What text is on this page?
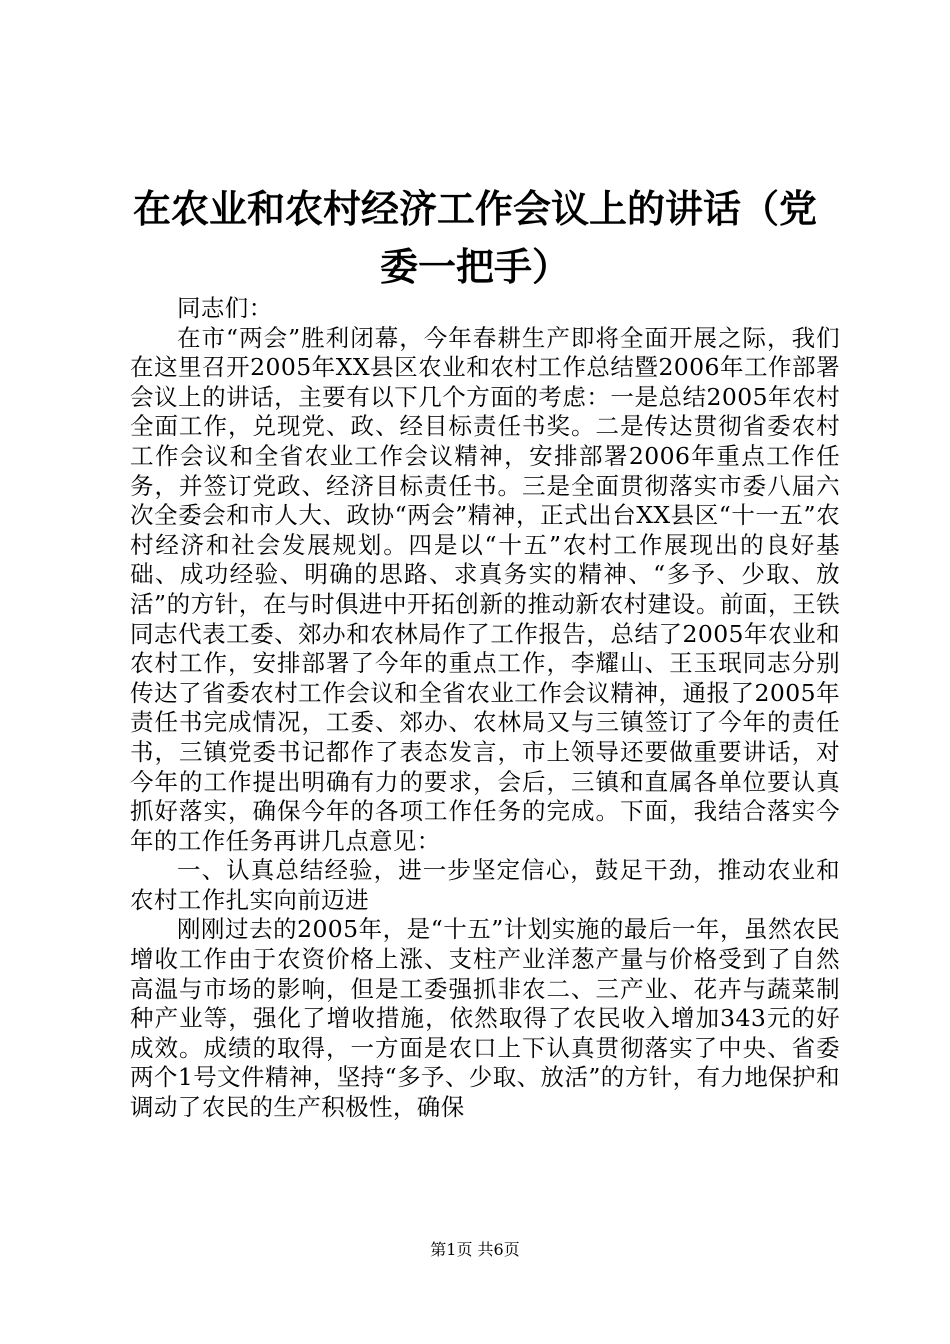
在农业和农村经济工作会议上的讲话（党委一把手）

同志们：

在市“两会”胜利闭幕，今年春耕生产即将全面开展之际，我们在这里召开2005年XX县区农业和农村工作总结暨2006年工作部署会议上的讲话，主要有以下几个方面的考虑：一是总结2005年农村全面工作，兑现党、政、经目标责任书奖。二是传达贯彻省委农村工作会议和全省农业工作会议精神，安排部署2006年重点工作任务，并签订党政、经济目标责任书。三是全面贯彻落实市委八届六次全委会和市人大、政协“两会”精神，正式出台XX县区“十一五”农村经济和社会发展规划。四是以“十五”农村工作展现出的良好基础、成功经验、明确的思路、求真务实的精神、“多予、少取、放活”的方针，在与时俱进中开拓创新的推动新农村建设。前面，王铁同志代表工委、郊办和农林局作了工作报告，总结了2005年农业和农村工作，安排部署了今年的重点工作，李耀山、王玉珉同志分别传达了省委农村工作会议和全省农业工作会议精神，通报了2005年责任书完成情况，工委、郊办、农林局又与三镇签订了今年的责任书，三镇党委书记都作了表态发言，市上领导还要做重要讲话，对今年的工作提出明确有力的要求，会后，三镇和直属各单位要认真抓好落实，确保今年的各项工作任务的完成。下面，我结合落实今年的工作任务再讲几点意见：

一、认真总结经验，进一步坚定信心，鼓足干劲，推动农业和农村工作扎实向前迈进

刚刚过去的2005年，是“十五”计划实施的最后一年，虽然农民增收工作由于农资价格上涨、支柱产业洋葱产量与价格受到了自然高温与市场的影响，但是工委强抓非农二、三产业、花卉与蔬菜制种产业等，强化了增收措施，依然取得了农民收入增加343元的好成效。成绩的取得，一方面是农口上下认真贯彻落实了中央、省委两个1号文件精神，坚持“多予、少取、放活”的方针，有力地保护和调动了农民的生产积极性，确保

第1页 共6页
